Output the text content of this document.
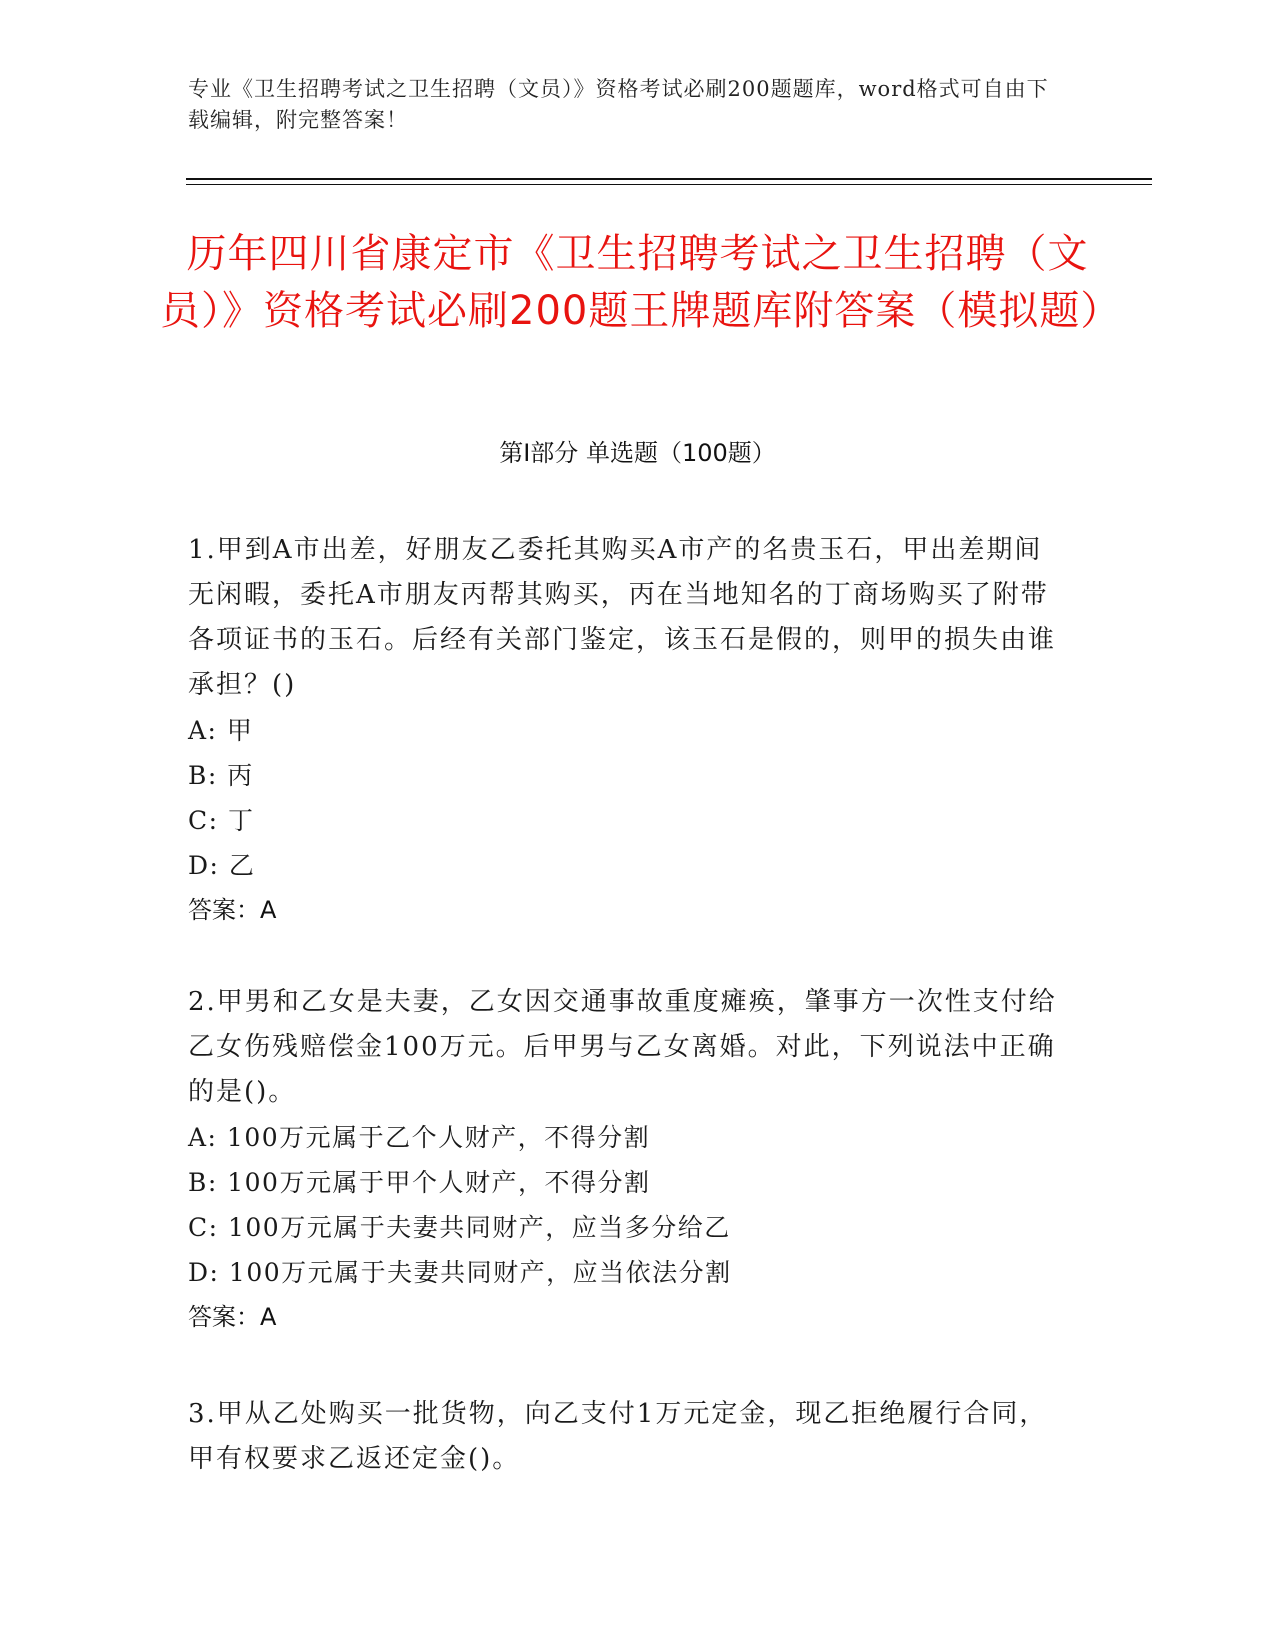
专业《卫生招聘考试之卫生招聘（文员）》资格考试必刷200题题库，word格式可自由下载编辑，附完整答案！
历年四川省康定市《卫生招聘考试之卫生招聘（文员）》资格考试必刷200题王牌题库附答案（模拟题）
第I部分 单选题（100题）

1.甲到A市出差，好朋友乙委托其购买A市产的名贵玉石，甲出差期间无闲暇，委托A市朋友丙帮其购买，丙在当地知名的丁商场购买了附带各项证书的玉石。后经有关部门鉴定，该玉石是假的，则甲的损失由谁承担？()

A: 甲

B: 丙

C: 丁

D: 乙

答案：A

2.甲男和乙女是夫妻，乙女因交通事故重度瘫痪，肇事方一次性支付给乙女伤残赔偿金100万元。后甲男与乙女离婚。对此，下列说法中正确的是()。

A: 100万元属于乙个人财产，不得分割

B: 100万元属于甲个人财产，不得分割

C: 100万元属于夫妻共同财产，应当多分给乙

D: 100万元属于夫妻共同财产，应当依法分割

答案：A

3.甲从乙处购买一批货物，向乙支付1万元定金，现乙拒绝履行合同，甲有权要求乙返还定金()。
